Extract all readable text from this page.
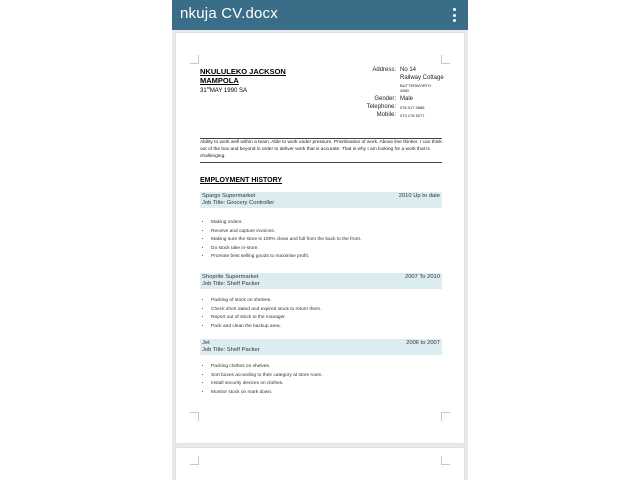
nkuja CV.docx
NKULULEKO JACKSON MAMPOLA
31stMAY 1990 SA
Address: No 14
Railway Cottage
BUTTERWORTH
4960
Gender: Male
Telephone: 076 017 0688
Mobile: 073 178 5277
Ability to work well within a team. Able to work under pressure. Prioritisation of work. Above line thinker. I can think out of the box and beyond in order to deliver work that is accurate. That is why I am looking for a work that is challenging.
EMPLOYMENT HISTORY
Spargs Supermarket	2010 Up to date
Job Title: Grocery Controller
• Making orders.
• Receive and capture invoices.
• Making sure the store is 100% clean and full from the back to the front.
• Do stock take in-store.
• Promote best selling goods to maximise profit.
Shoprite Supermarket	2007 To 2010
Job Title: Shelf Packer
• Packing of stock on shelves.
• Check short dated and expired stock to return them.
• Report out of stock to the manager.
• Pack and clean the backup area.
Jet	2006 to 2007
Job Title: Shelf Packer
• Packing clothes on shelves.
• Sort boxes according to their category at store room.
• Install security devices on clothes.
• Monitor stock on mark down.
